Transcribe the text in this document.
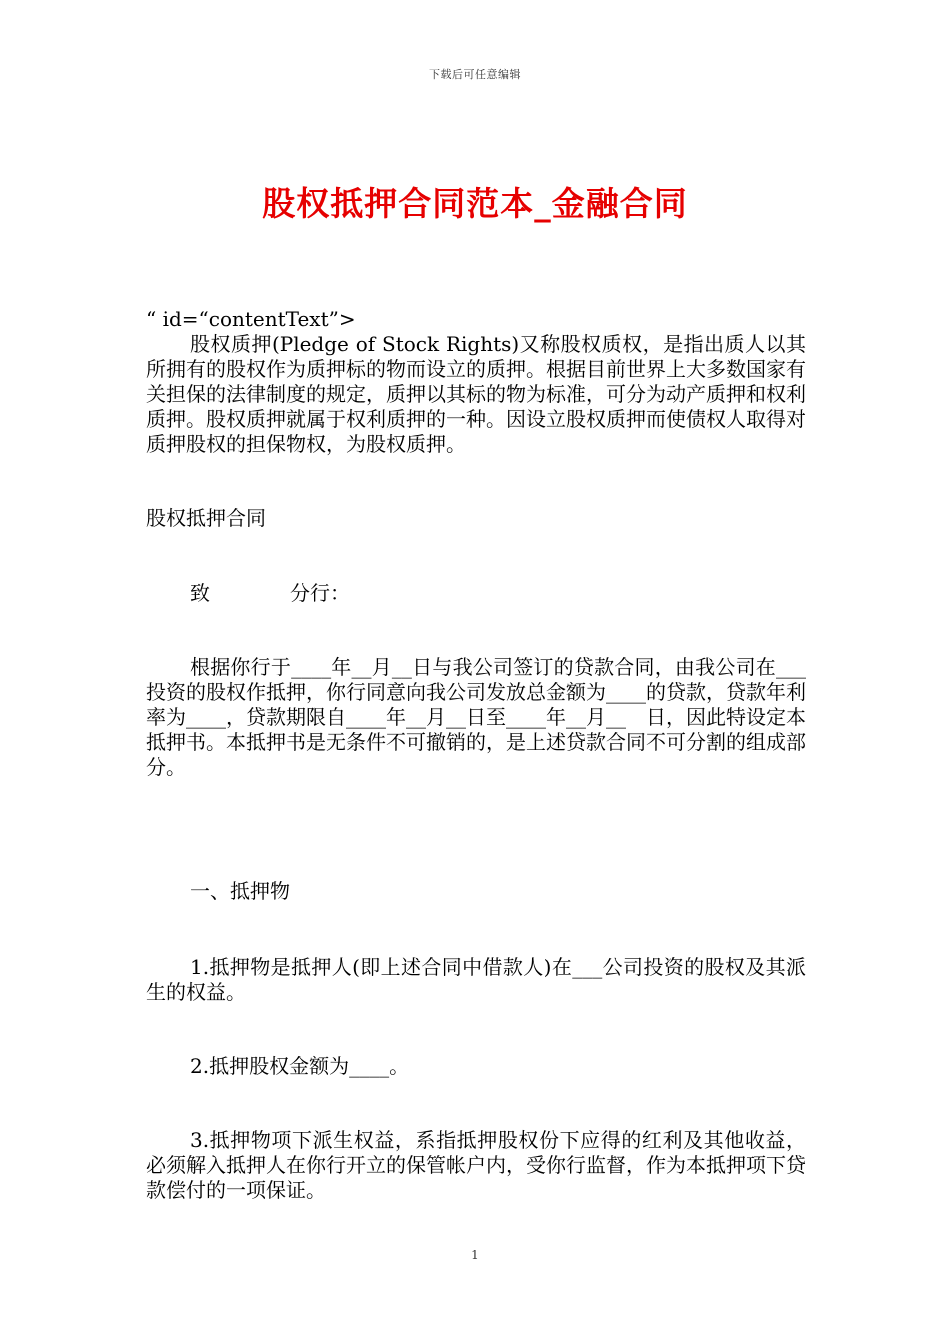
下载后可任意编辑
股权抵押合同范本_金融合同

“ id=“contentText”>

股权质押(Pledge of Stock Rights)又称股权质权，是指出质人以其所拥有的股权作为质押标的物而设立的质押。根据目前世界上大多数国家有关担保的法律制度的规定，质押以其标的物为标准，可分为动产质押和权利质押。股权质押就属于权利质押的一种。因设立股权质押而使债权人取得对质押股权的担保物权，为股权质押。

股权抵押合同

致　　　　分行：

根据你行于____年__月__日与我公司签订的贷款合同，由我公司在___投资的股权作抵押，你行同意向我公司发放总金额为____的贷款，贷款年利率为____，贷款期限自____年__月__日至____年__月__　日，因此特设定本抵押书。本抵押书是无条件不可撤销的，是上述贷款合同不可分割的组成部分。

一、抵押物

1.抵押物是抵押人(即上述合同中借款人)在___公司投资的股权及其派生的权益。

2.抵押股权金额为____。

3.抵押物项下派生权益，系指抵押股权份下应得的红利及其他收益，必须解入抵押人在你行开立的保管帐户内，受你行监督，作为本抵押项下贷款偿付的一项保证。

1
